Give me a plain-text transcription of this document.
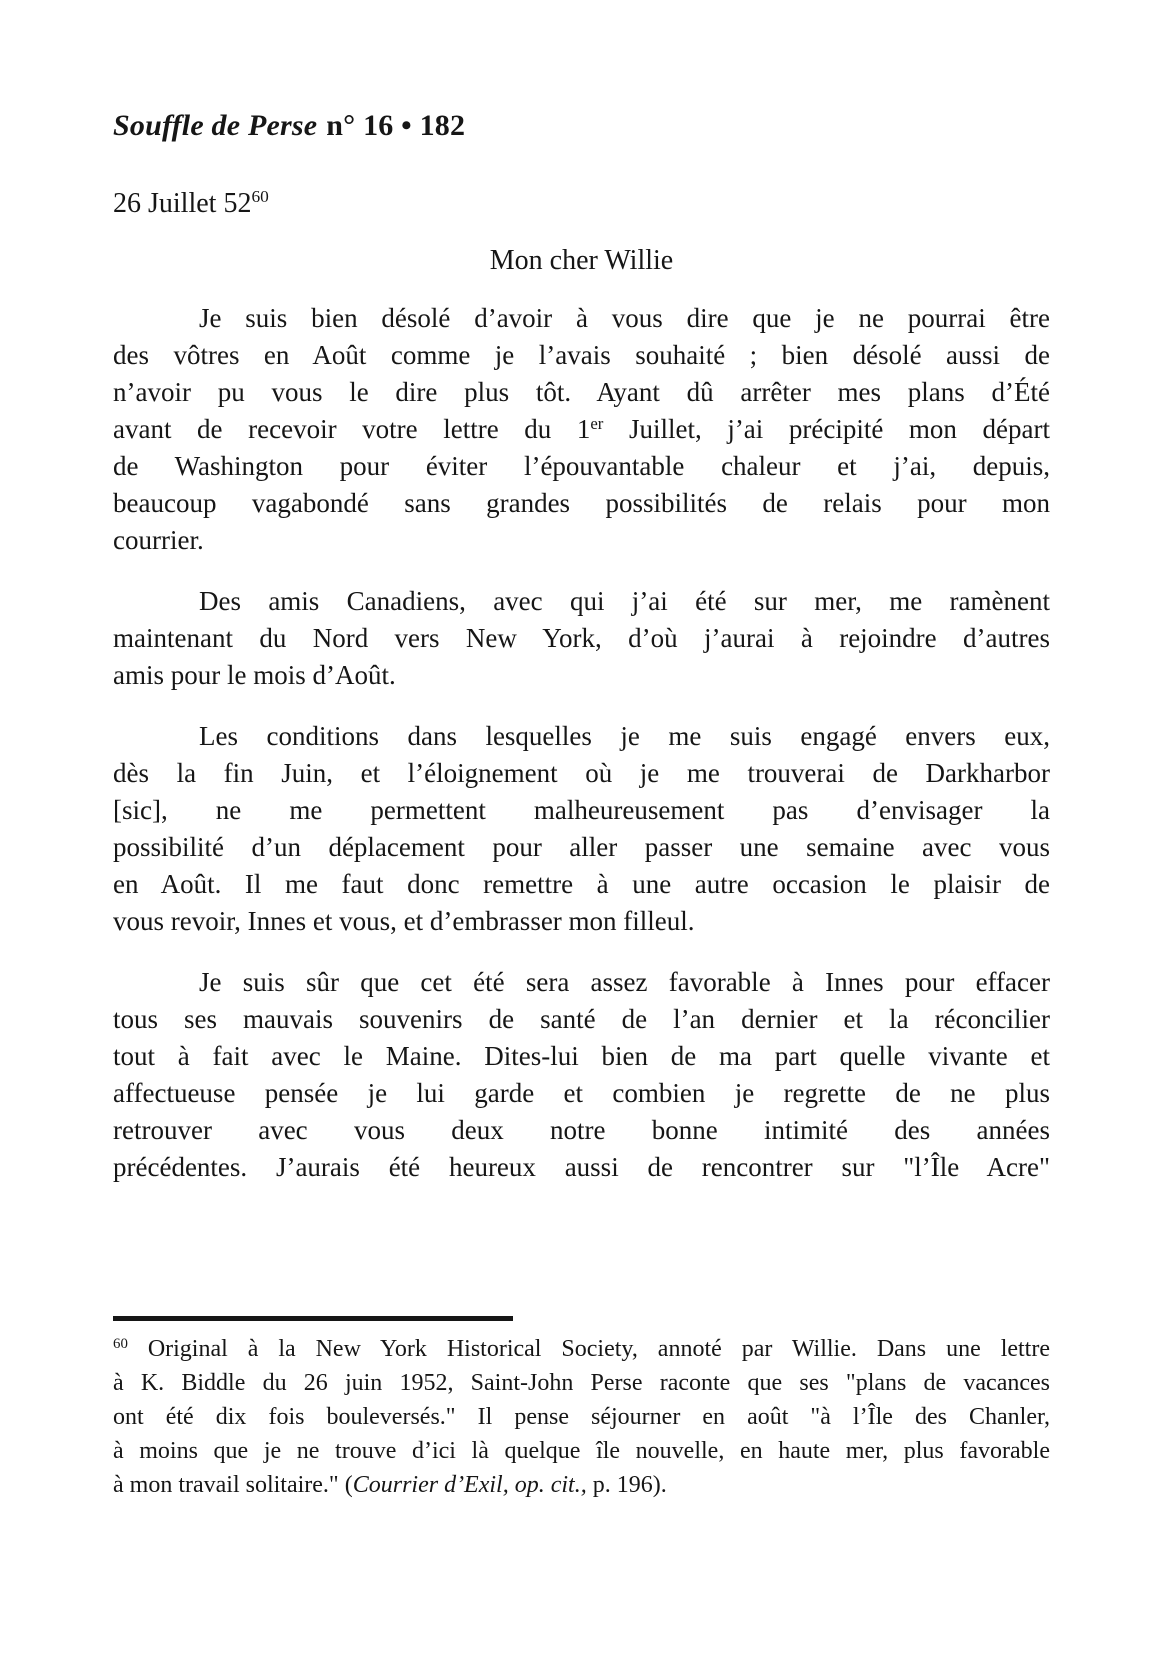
Souffle de Perse n° 16 • 182
26 Juillet $52^{60}$
Mon cher Willie
Je suis bien désolé d’avoir à vous dire que je ne pourrai être
des vôtres en Août comme je l’avais souhaité ; bien désolé aussi de
n’avoir pu vous le dire plus tôt. Ayant dû arrêter mes plans d’Été
avant de recevoir votre lettre du 1er Juillet, j’ai précipité mon départ
de Washington pour éviter l’épouvantable chaleur et j’ai, depuis,
beaucoup vagabondé sans grandes possibilités de relais pour mon
courrier.
Des amis Canadiens, avec qui j’ai été sur mer, me ramènent
maintenant du Nord vers New York, d’où j’aurai à rejoindre d’autres
amis pour le mois d’Août.
Les conditions dans lesquelles je me suis engagé envers eux,
dès la fin Juin, et l’éloignement où je me trouverai de Darkharbor
[sic], ne me permettent malheureusement pas d’envisager la
possibilité d’un déplacement pour aller passer une semaine avec vous
en Août. Il me faut donc remettre à une autre occasion le plaisir de
vous revoir, Innes et vous, et d’embrasser mon filleul.
Je suis sûr que cet été sera assez favorable à Innes pour effacer
tous ses mauvais souvenirs de santé de l’an dernier et la réconcilier
tout à fait avec le Maine. Dites-lui bien de ma part quelle vivante et
affectueuse pensée je lui garde et combien je regrette de ne plus
retrouver avec vous deux notre bonne intimité des années
précédentes. J’aurais été heureux aussi de rencontrer sur "l’Île Acre"
$^{60}$ Original à la New York Historical Society, annoté par Willie. Dans une lettre
à K. Biddle du 26 juin 1952, Saint-John Perse raconte que ses "plans de vacances
ont été dix fois bouleversés." Il pense séjourner en août "à l’Île des Chanler,
à moins que je ne trouve d’ici là quelque île nouvelle, en haute mer, plus favorable
à mon travail solitaire." (Courrier d’Exil, op. cit., p. 196).
